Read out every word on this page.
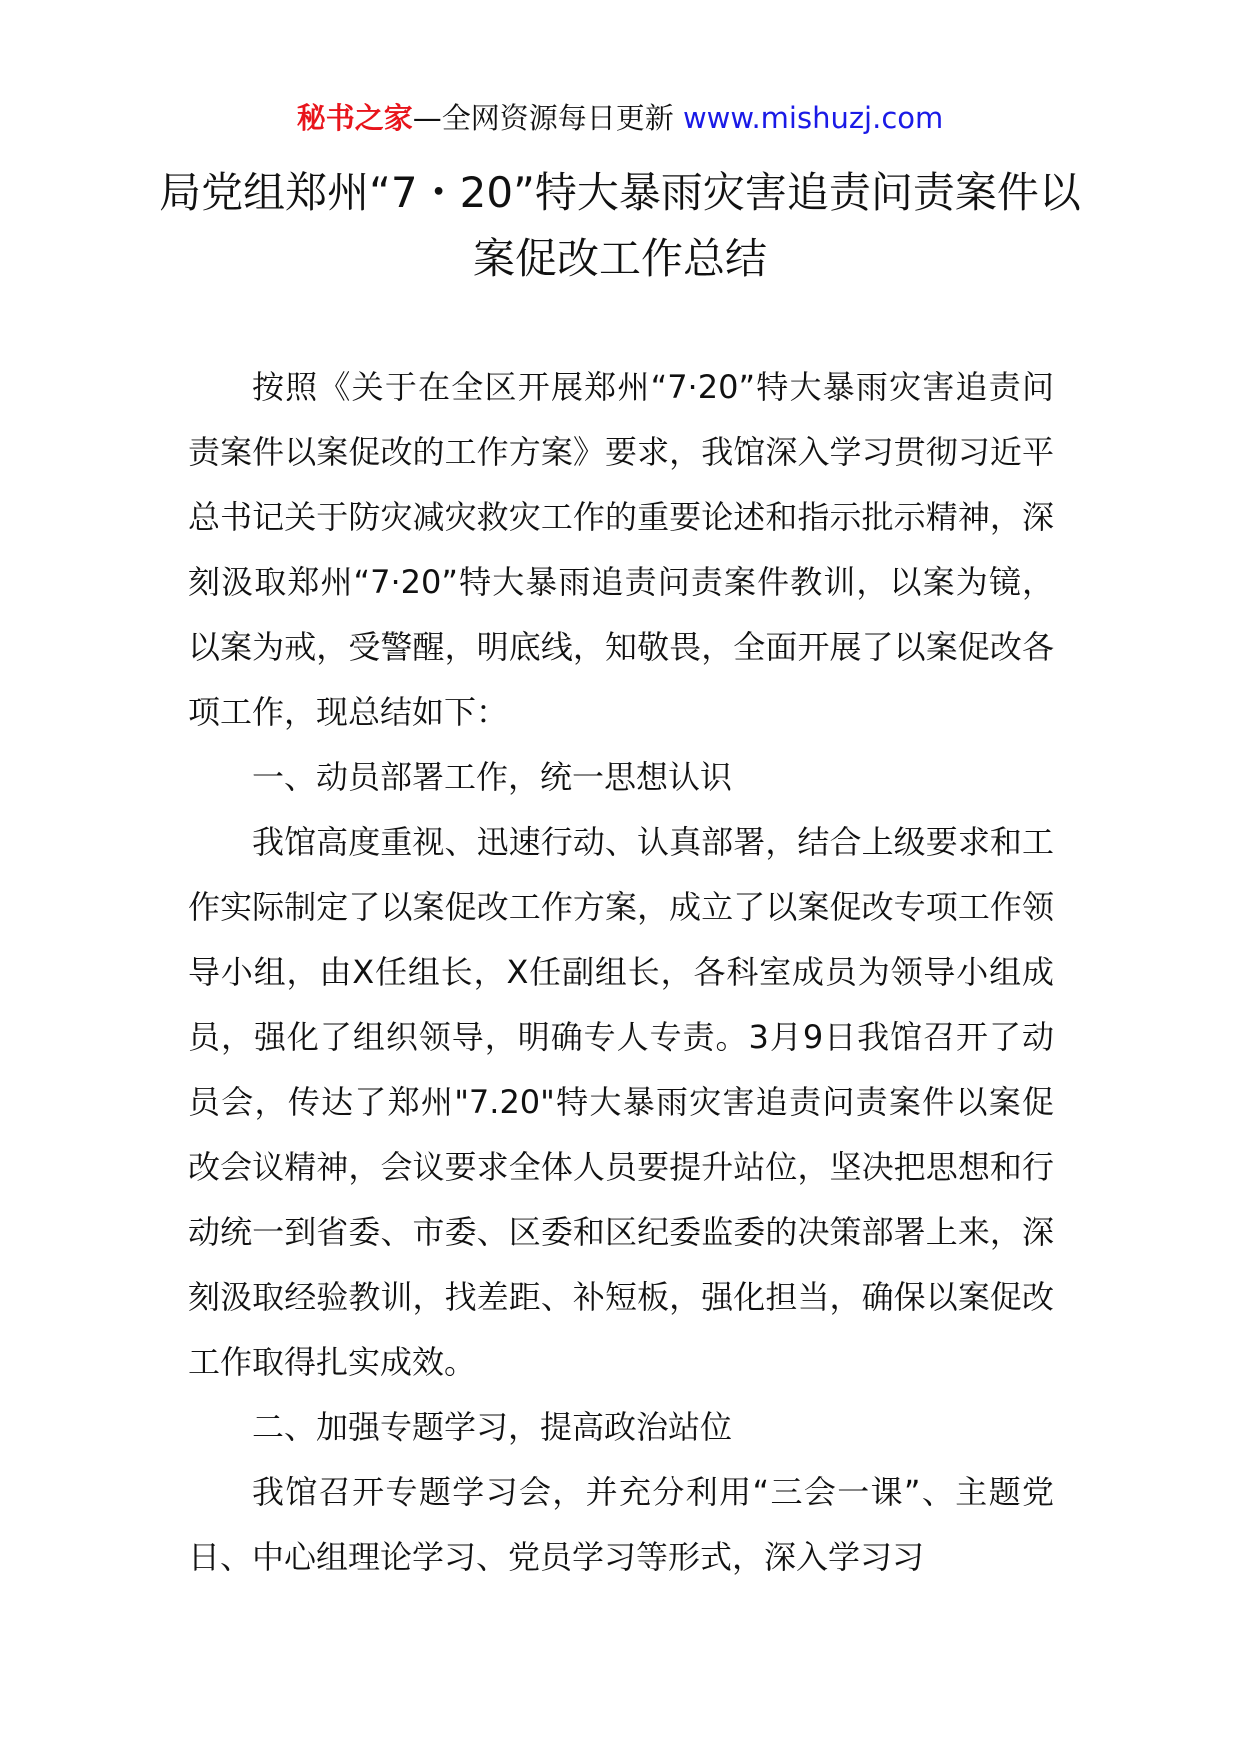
秘书之家—全网资源每日更新 www.mishuzj.com
局党组郑州“7・20”特大暴雨灾害追责问责案件以案促改工作总结

按照《关于在全区开展郑州“7·20”特大暴雨灾害追责问责案件以案促改的工作方案》要求，我馆深入学习贯彻习近平总书记关于防灾减灾救灾工作的重要论述和指示批示精神，深刻汲取郑州“7·20”特大暴雨追责问责案件教训，以案为镜，以案为戒，受警醒，明底线，知敬畏，全面开展了以案促改各项工作，现总结如下：

一、动员部署工作，统一思想认识

我馆高度重视、迅速行动、认真部署，结合上级要求和工作实际制定了以案促改工作方案，成立了以案促改专项工作领导小组，由X任组长，X任副组长，各科室成员为领导小组成员，强化了组织领导，明确专人专责。3月9日我馆召开了动员会，传达了郑州"7.20"特大暴雨灾害追责问责案件以案促改会议精神，会议要求全体人员要提升站位，坚决把思想和行动统一到省委、市委、区委和区纪委监委的决策部署上来，深刻汲取经验教训，找差距、补短板，强化担当，确保以案促改工作取得扎实成效。

二、加强专题学习，提高政治站位

我馆召开专题学习会，并充分利用“三会一课”、主题党日、中心组理论学习、党员学习等形式，深入学习习
